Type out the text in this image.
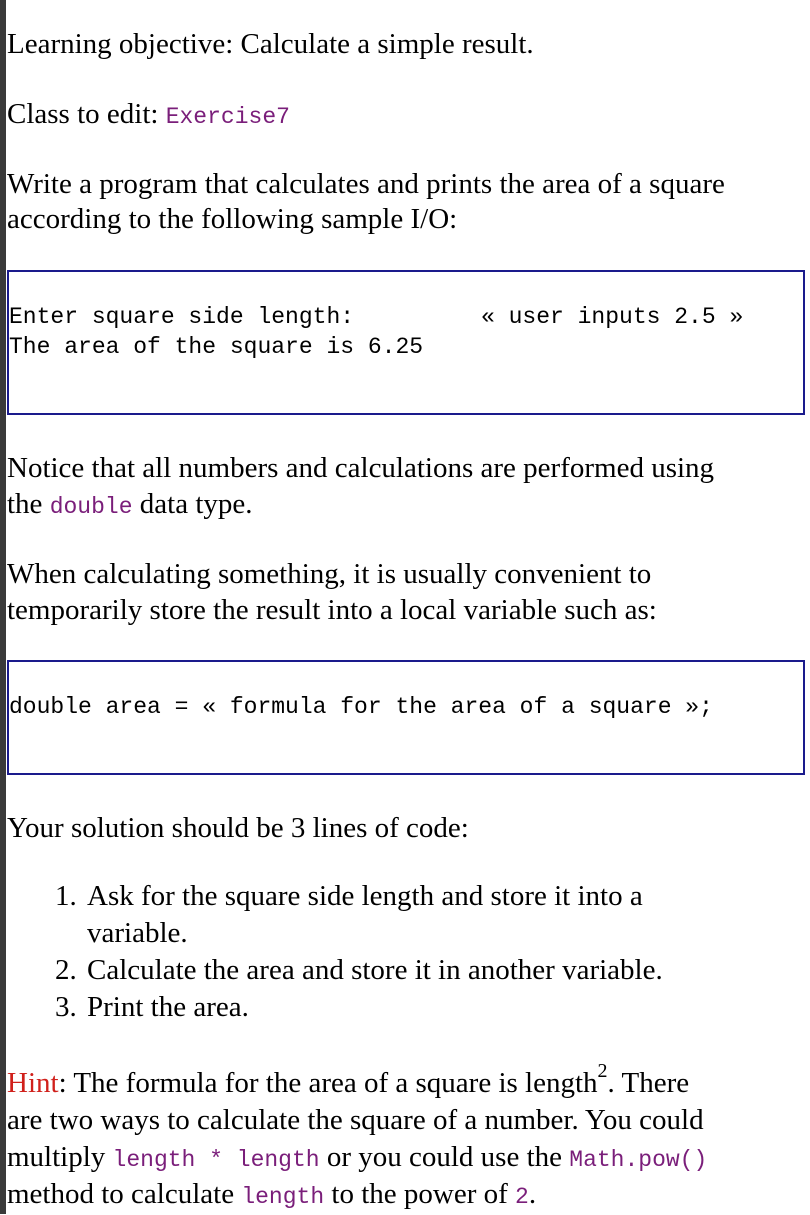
Learning objective: Calculate a simple result.

Class to edit: Exercise7

Write a program that calculates and prints the area of a square

according to the following sample I/O:

Notice that all numbers and calculations are performed using

the double data type.

When calculating something, it is usually convenient to

temporarily store the result into a local variable such as:

Your solution should be 3 lines of code:

1. Ask for the square side length and store it into a
variable.
2. Calculate the area and store it in another variable.
3. Print the area.

Hint: The formula for the area of a square is length$^2$. There

are two ways to calculate the square of a number. You could

multiply length * length or you could use the Math.pow()

method to calculate length to the power of 2.

Enter square side length:	« user inputs 2.5 »
The area of the square is 6.25
double area = « formula for the area of a square »;
